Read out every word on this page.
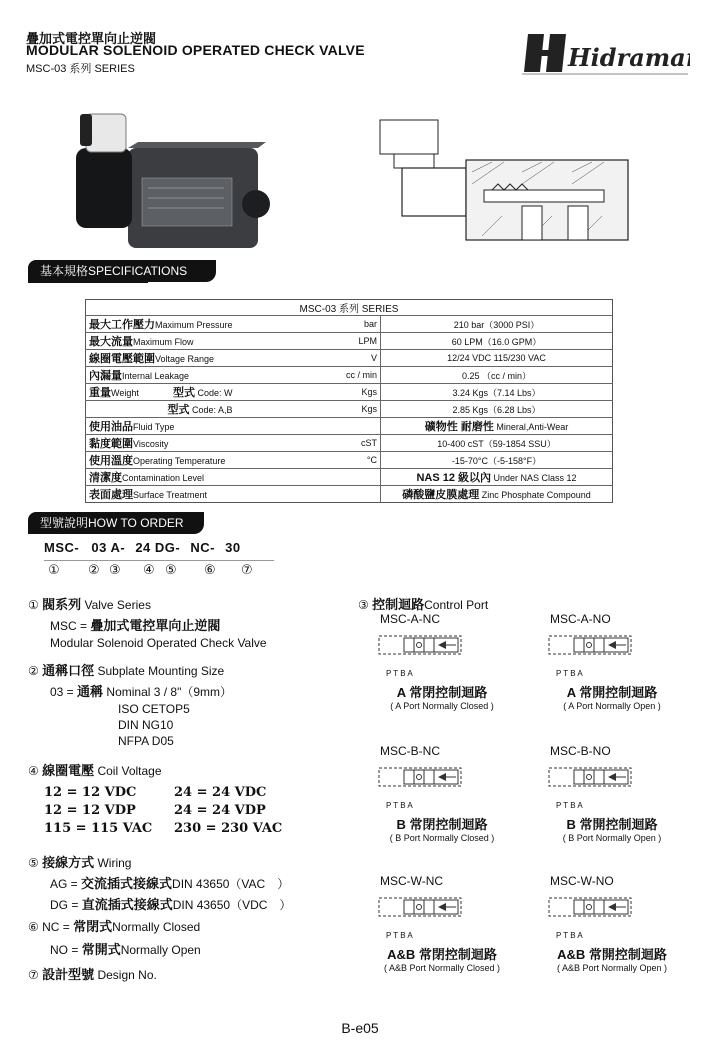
疊加式電控單向止逆閥
MODULAR SOLENOID OPERATED CHECK VALVE
MSC-03 系列 SERIES	Hidraman
基本規格SPECIFICATIONS
MSC-03 系列 SERIES		
最大工作壓力Maximum Pressure	bar	210 bar（3000 PSI）
最大流量Maximum Flow	LPM	60 LPM（16.0 GPM）
線圈電壓範圍Voltage Range	V	12/24 VDC 115/230 VAC
內漏量Internal Leakage	cc / min	0.25 （cc / min）
重量Weight 型式 Code: W	Kgs	3.24 Kgs（7.14 Lbs）

型式 Code: A,B	Kgs	2.85 Kgs（6.28 Lbs）
使用油品Fluid Type		礦物性 耐磨性 Mineral,Anti-Wear
黏度範圍Viscosity	cST	10-400 cST（59-1854 SSU）
使用溫度Operating Temperature	°C	-15-70°C（-5-158°F）
清潔度Contamination Level		NAS 12 級以內 Under NAS Class 12
表面處理Surface Treatment		磷酸鹽皮膜處理 Zinc Phosphate Compound
型號說明HOW TO ORDER
MSC- 03 A- 24 DG- NC- 30
① ② ③ ④ ⑤ ⑥ ⑦
① 閥系列 Valve Series
MSC = 疊加式電控單向止逆閥
Modular Solenoid Operated Check Valve
② 通稱口徑 Subplate Mounting Size
03 = 通稱 Nominal 3 / 8"（9mm）
ISO CETOP5
DIN NG10
NFPA D05
④ 線圈電壓 Coil Voltage
12 = 12 VDC	24 = 24 VDC
12 = 12 VDP	24 = 24 VDP
115 = 115 VAC 230 = 230 VAC
⑤ 接線方式 Wiring
AG = 交流插式接線式DIN 43650（VAC　）
DG = 直流插式接線式DIN 43650（VDC　）
⑥ NC = 常閉式Normally Closed
NO = 常開式Normally Open
⑦ 設計型號 Design No.
③ 控制迴路Control Port
MSC-A-NC
P T B A
A 常閉控制迴路
( A Port Normally Closed )
MSC-A-NO
P T B A
A 常開控制迴路
( A Port Normally Open )
MSC-B-NC
P T B A
B 常閉控制迴路
( B Port Normally Closed )
MSC-B-NO
P T B A
B 常開控制迴路
( B Port Normally Open )
MSC-W-NC
P T B A
A&B 常閉控制迴路
( A&B Port Normally Closed )
MSC-W-NO
P T B A
A&B 常開控制迴路
( A&B Port Normally Open )
B-e05
